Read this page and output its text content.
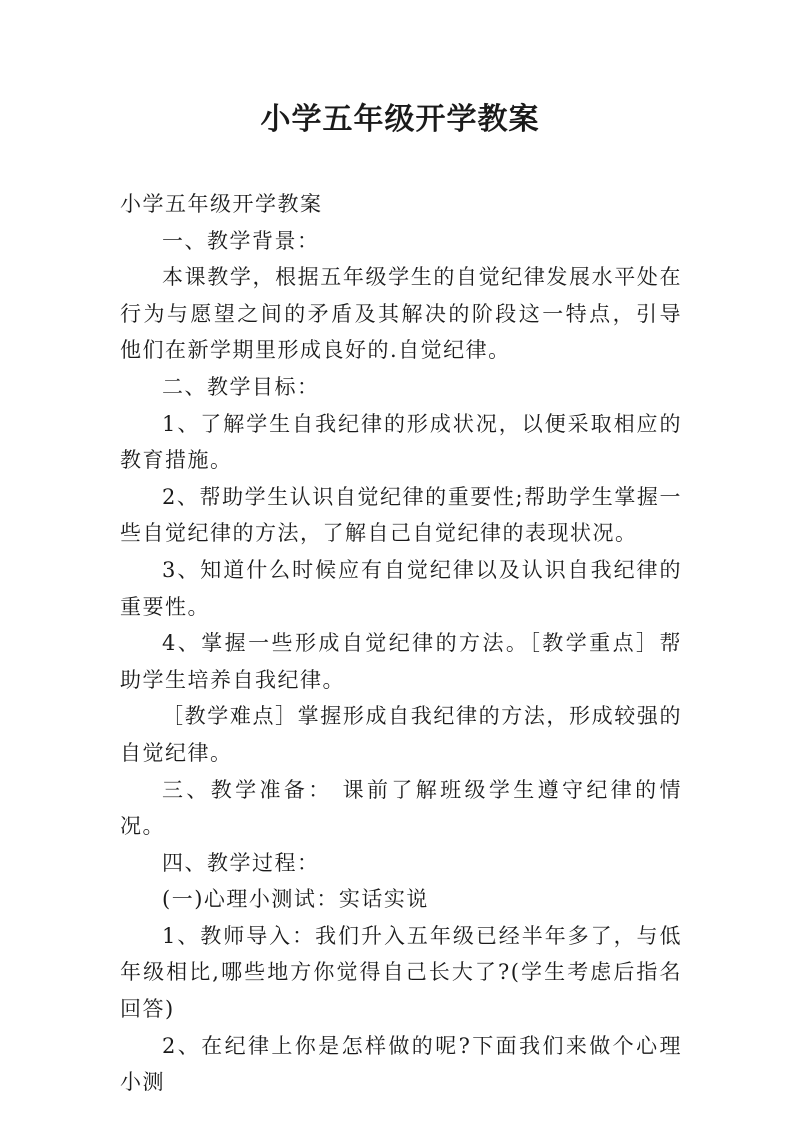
小学五年级开学教案

小学五年级开学教案

一、教学背景：

本课教学，根据五年级学生的自觉纪律发展水平处在行为与愿望之间的矛盾及其解决的阶段这一特点，引导他们在新学期里形成良好的.自觉纪律。

二、教学目标：

1、了解学生自我纪律的形成状况，以便采取相应的教育措施。

2、帮助学生认识自觉纪律的重要性;帮助学生掌握一些自觉纪律的方法，了解自己自觉纪律的表现状况。

3、知道什么时候应有自觉纪律以及认识自我纪律的重要性。

4、掌握一些形成自觉纪律的方法。［教学重点］帮助学生培养自我纪律。

［教学难点］掌握形成自我纪律的方法，形成较强的自觉纪律。

三、教学准备： 课前了解班级学生遵守纪律的情况。

四、教学过程：

(一)心理小测试：实话实说

1、教师导入：我们升入五年级已经半年多了，与低年级相比,哪些地方你觉得自己长大了?(学生考虑后指名回答)

2、在纪律上你是怎样做的呢?下面我们来做个心理小测
